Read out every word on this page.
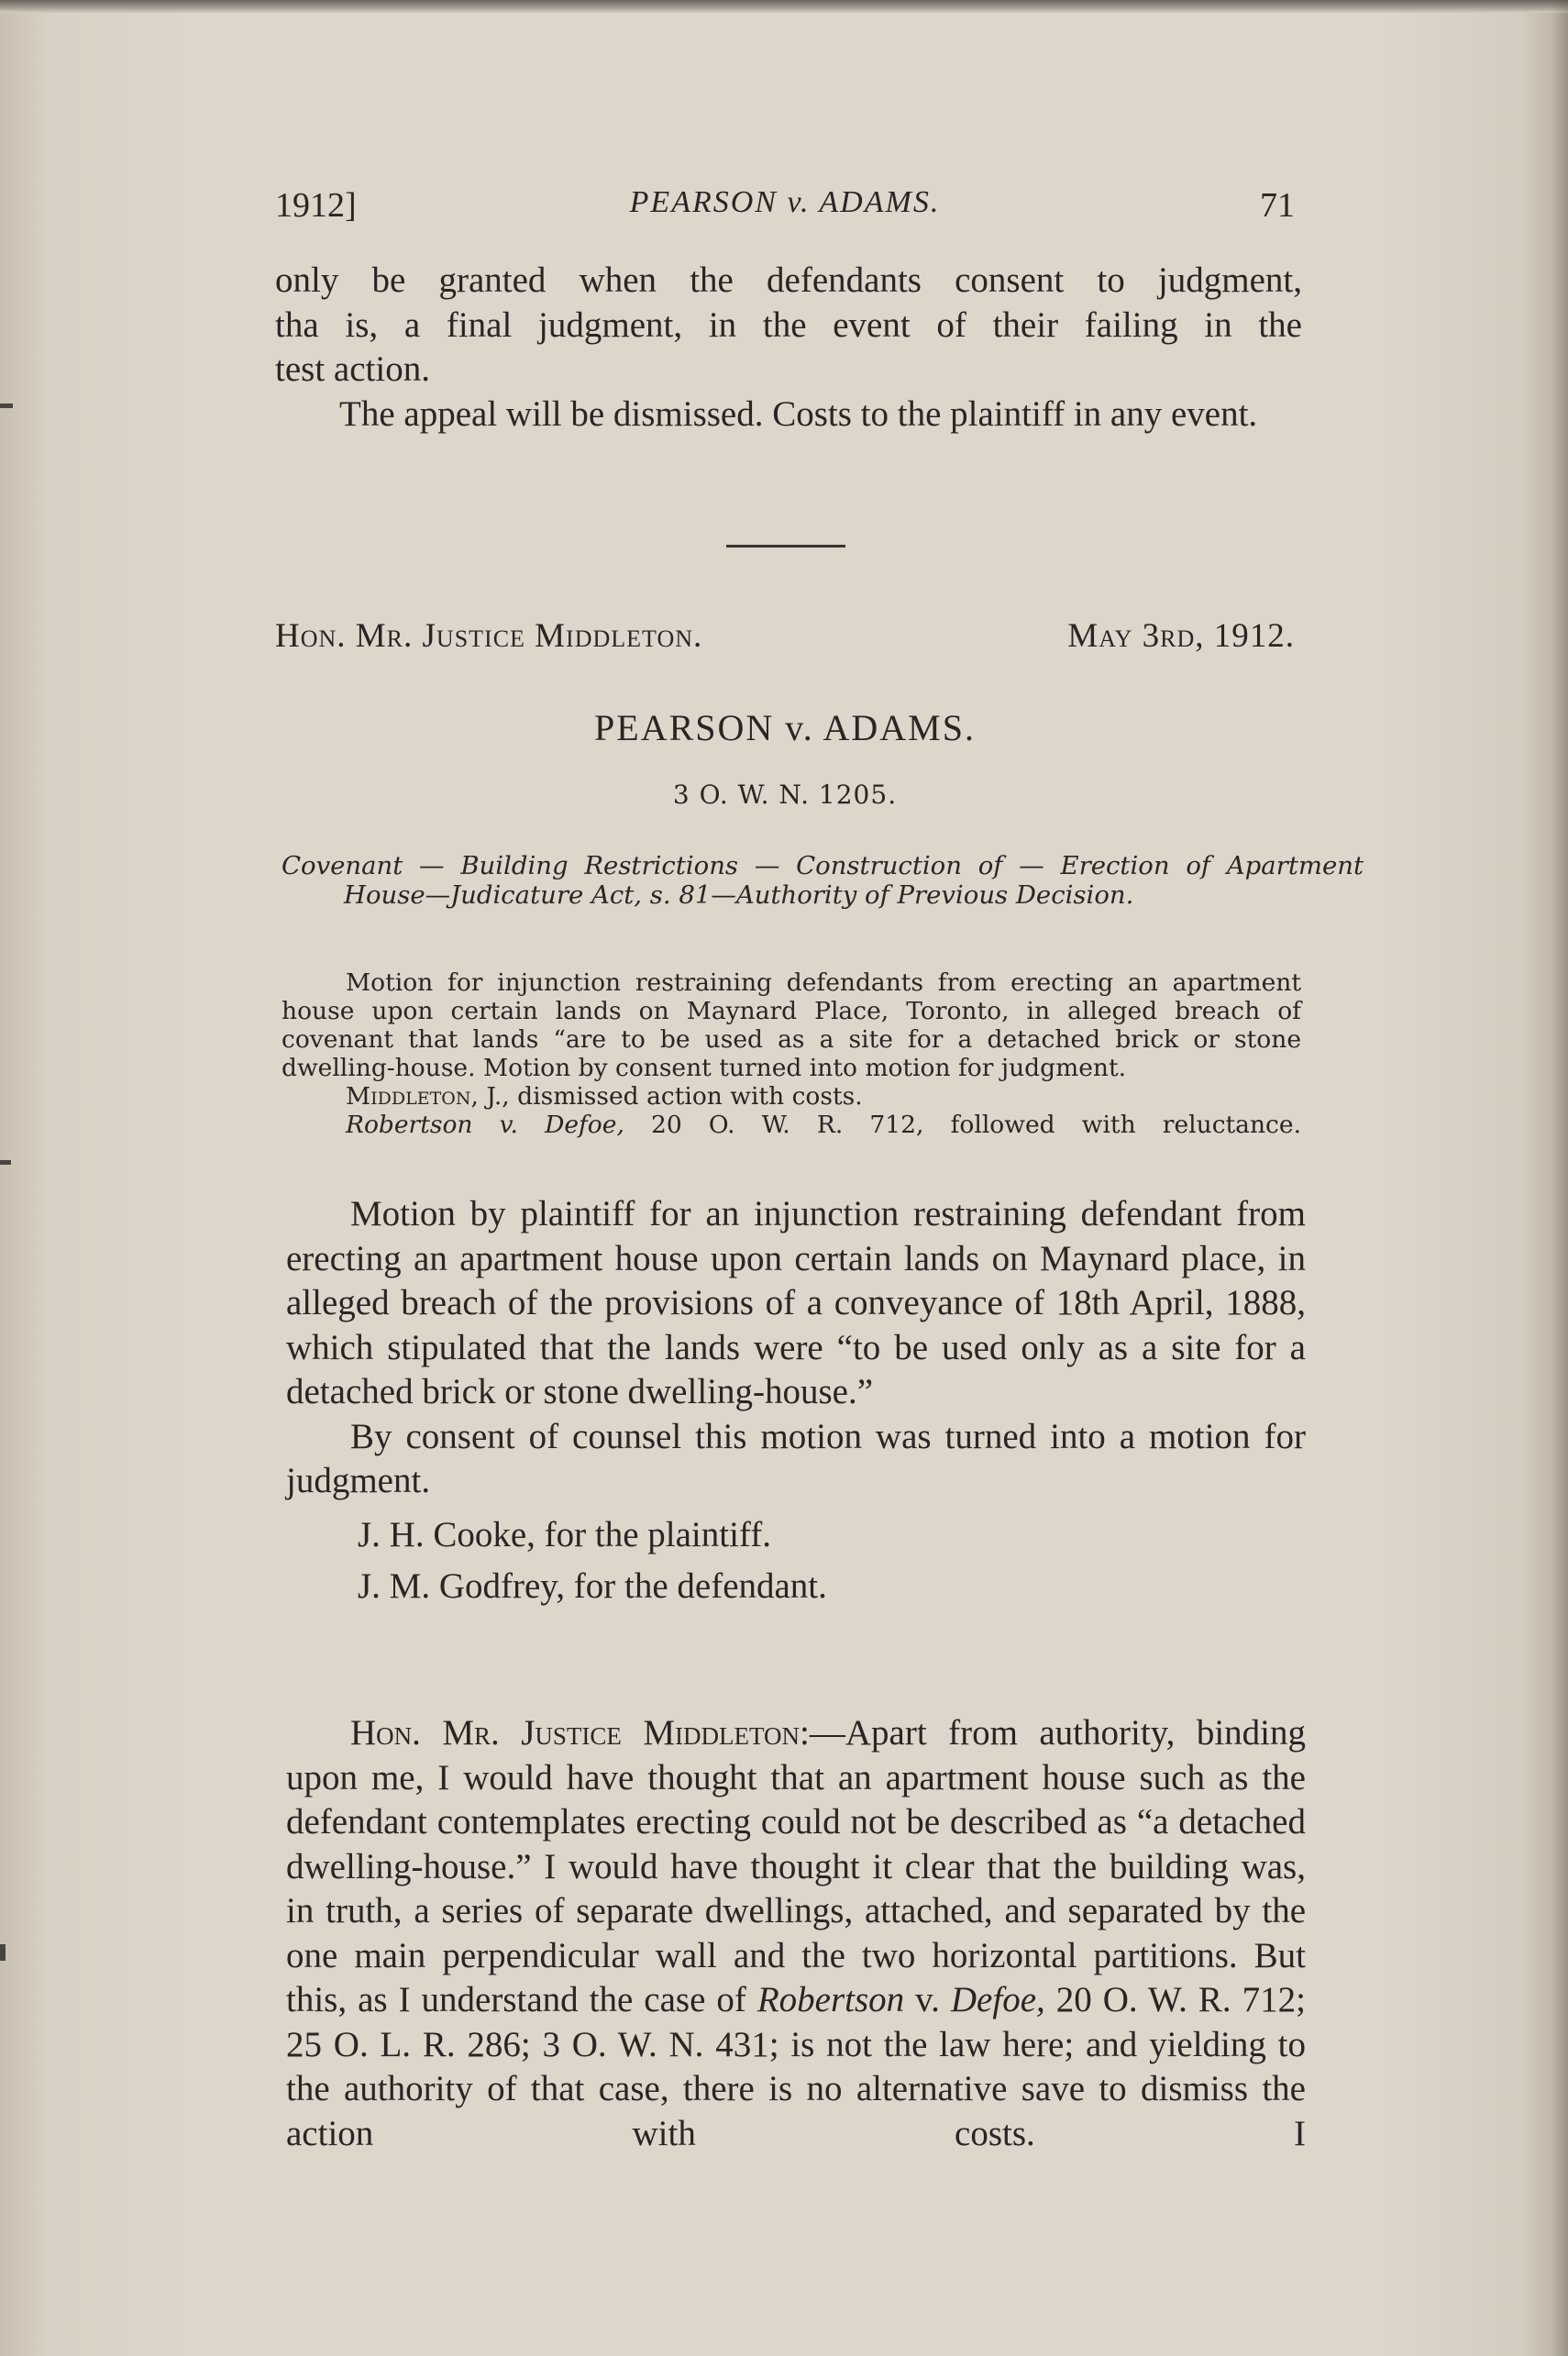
1912]	PEARSON v. ADAMS.	71

only be granted when the defendants consent to judgment,

tha is, a final judgment, in the event of their failing in the

test action.

The appeal will be dismissed. Costs to the plaintiff in any event.

Hon. Mr. Justice Middleton.	May 3rd, 1912.
PEARSON v. ADAMS.
3 O. W. N. 1205.
Covenant — Building Restrictions — Construction of — Erection of Apartment House—Judicature Act, s. 81—Authority of Previous Decision.

Motion for injunction restraining defendants from erecting an apartment house upon certain lands on Maynard Place, Toronto, in alleged breach of covenant that lands “are to be used as a site for a detached brick or stone dwelling-house. Motion by consent turned into motion for judgment.

Middleton, J., dismissed action with costs.

Robertson v. Defoe, 20 O. W. R. 712, followed with reluctance.

Motion by plaintiff for an injunction restraining defendant from erecting an apartment house upon certain lands on Maynard place, in alleged breach of the provisions of a conveyance of 18th April, 1888, which stipulated that the lands were “to be used only as a site for a detached brick or stone dwelling-house.”

By consent of counsel this motion was turned into a motion for judgment.

J. H. Cooke, for the plaintiff.

J. M. Godfrey, for the defendant.

Hon. Mr. Justice Middleton:—Apart from authority, binding upon me, I would have thought that an apartment house such as the defendant contemplates erecting could not be described as “a detached dwelling-house.” I would have thought it clear that the building was, in truth, a series of separate dwellings, attached, and separated by the one main perpendicular wall and the two horizontal partitions. But this, as I understand the case of Robertson v. Defoe, 20 O. W. R. 712; 25 O. L. R. 286; 3 O. W. N. 431; is not the law here; and yielding to the authority of that case, there is no alternative save to dismiss the action with costs. I
